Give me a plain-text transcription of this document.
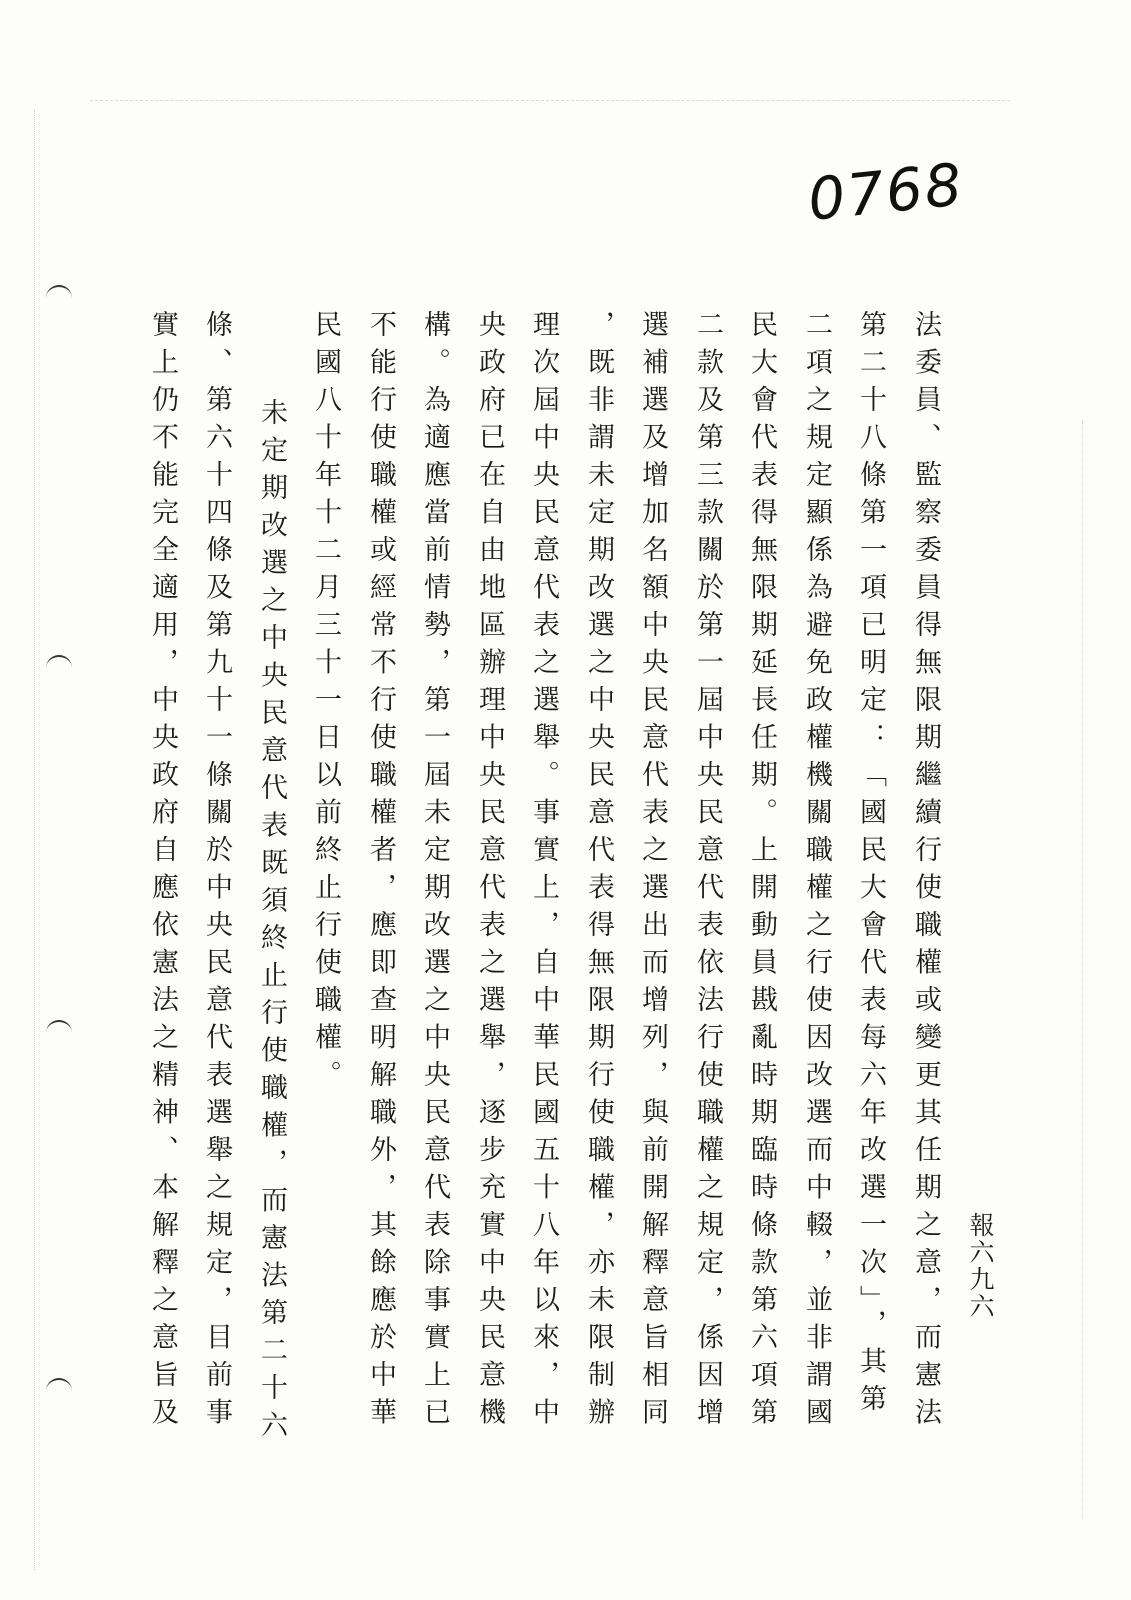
0768
法委員、監察委員得無限期繼續行使職權或變更其任期之意，而憲法
第二十八條第一項已明定：「國民大會代表每六年改選一次」，其第
二項之規定顯係為避免政權機關職權之行使因改選而中輟，並非謂國
民大會代表得無限期延長任期。上開動員戡亂時期臨時條款第六項第
二款及第三款關於第一屆中央民意代表依法行使職權之規定，係因增
選補選及增加名額中央民意代表之選出而增列，與前開解釋意旨相同
，既非謂未定期改選之中央民意代表得無限期行使職權，亦未限制辦
理次屆中央民意代表之選舉。事實上，自中華民國五十八年以來，中
央政府已在自由地區辦理中央民意代表之選舉，逐步充實中央民意機
構。為適應當前情勢，第一屆未定期改選之中央民意代表除事實上已
不能行使職權或經常不行使職權者，應即查明解職外，其餘應於中華
民國八十年十二月三十一日以前終止行使職權。
未定期改選之中央民意代表既須終止行使職權，而憲法第二十六
條、第六十四條及第九十一條關於中央民意代表選舉之規定，目前事
實上仍不能完全適用，中央政府自應依憲法之精神、本解釋之意旨及	報六九六
